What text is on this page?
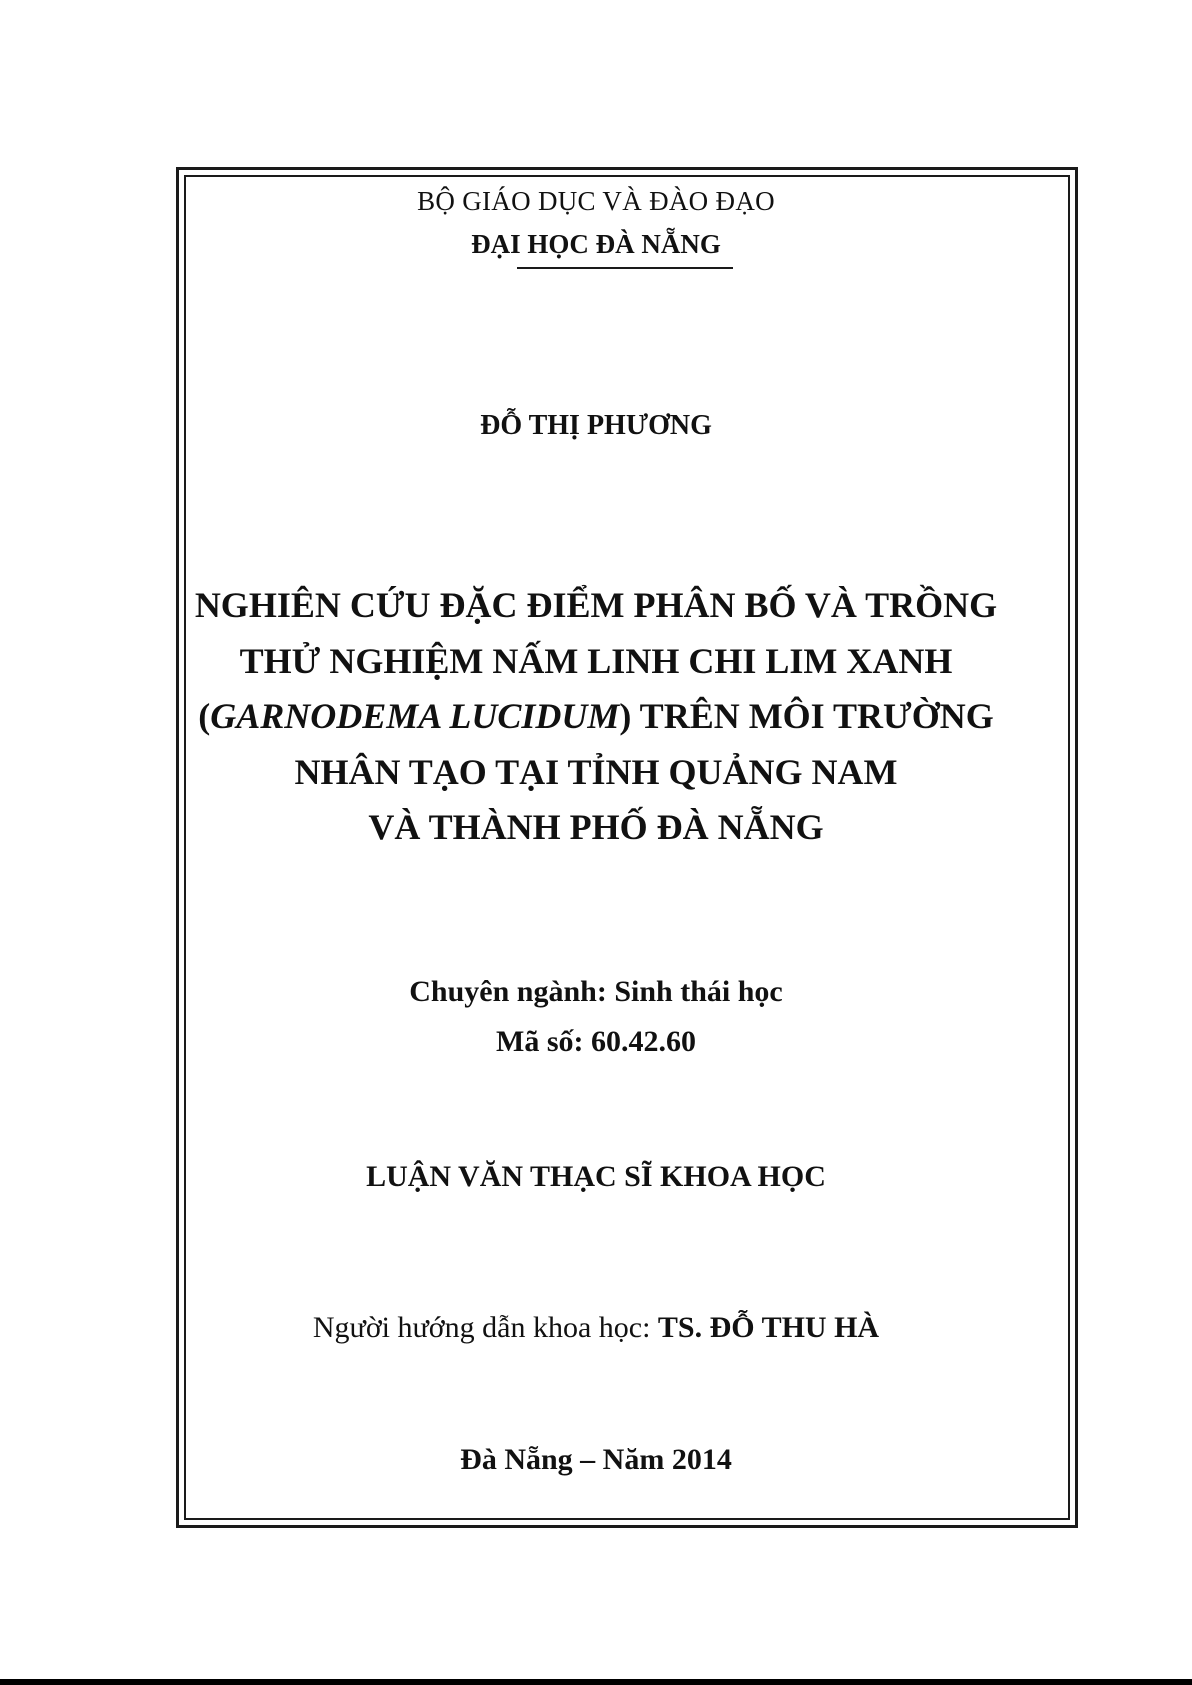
BỘ GIÁO DỤC VÀ ĐÀO ĐẠO
ĐẠI HỌC ĐÀ NẴNG
ĐỖ THỊ PHƯƠNG
NGHIÊN CỨU ĐẶC ĐIỂM PHÂN BỐ VÀ TRỒNG
THỬ NGHIỆM NẤM LINH CHI LIM XANH
(GARNODEMA LUCIDUM) TRÊN MÔI TRƯỜNG
NHÂN TẠO TẠI TỈNH QUẢNG NAM
VÀ THÀNH PHỐ ĐÀ NẴNG
Chuyên ngành: Sinh thái học
Mã số: 60.42.60
LUẬN VĂN THẠC SĨ KHOA HỌC
Người hướng dẫn khoa học: TS. ĐỖ THU HÀ
Đà Nẵng – Năm 2014
